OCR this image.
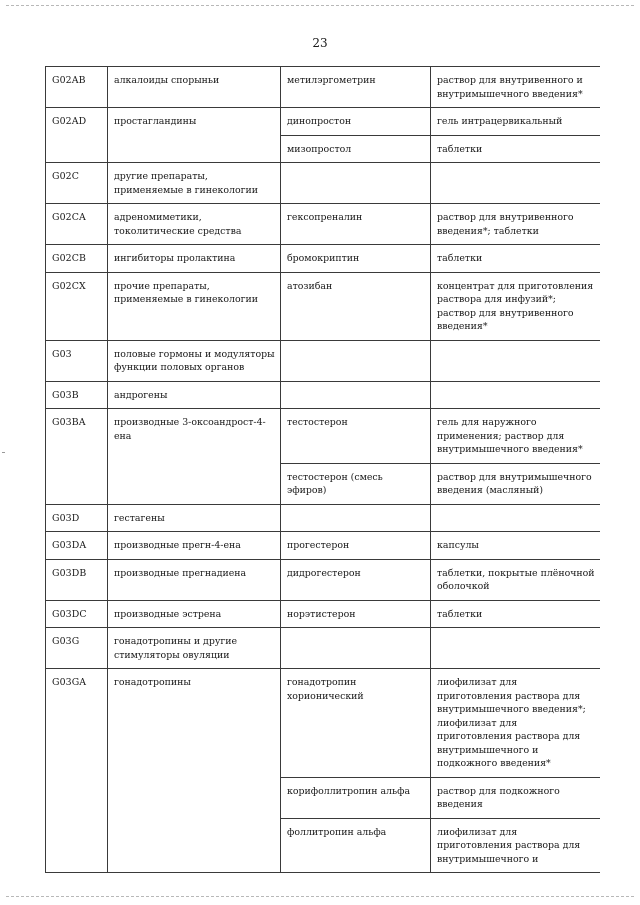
23
G02AB	алкалоиды спорыньи	метилэргометрин	раствор для внутривенного и внутримышечного введения*
G02AD	простагландины	динопростон	гель интрацервикальный
		мизопростол	таблетки
G02C	другие препараты, применяемые в гинекологии		
G02CA	адреномиметики, токолитические средства	гексопреналин	раствор для внутривенного введения*; таблетки
G02CB	ингибиторы пролактина	бромокриптин	таблетки
G02CX	прочие препараты, применяемые в гинекологии	атозибан	концентрат для приготовления раствора для инфузий*; раствор для внутривенного введения*
G03	половые гормоны и модуляторы функции половых органов		
G03B	андрогены		
G03BA	производные 3-оксоандрост-4-ена	тестостерон	гель для наружного применения; раствор для внутримышечного введения*
		тестостерон (смесь эфиров)	раствор для внутримышечного введения (масляный)
G03D	гестагены		
G03DA	производные прегн-4-ена	прогестерон	капсулы
G03DB	производные прегнадиена	дидрогестерон	таблетки, покрытые плёночной оболочкой
G03DC	производные эстрена	норэтистерон	таблетки
G03G	гонадотропины и другие стимуляторы овуляции		
G03GA	гонадотропины	гонадотропин хорионический	лиофилизат для приготовления раствора для внутримышечного введения*; лиофилизат для приготовления раствора для внутримышечного и подкожного введения*
		корифоллитропин альфа	раствор для подкожного введения
		фоллитропин альфа	лиофилизат для приготовления раствора для внутримышечного и
